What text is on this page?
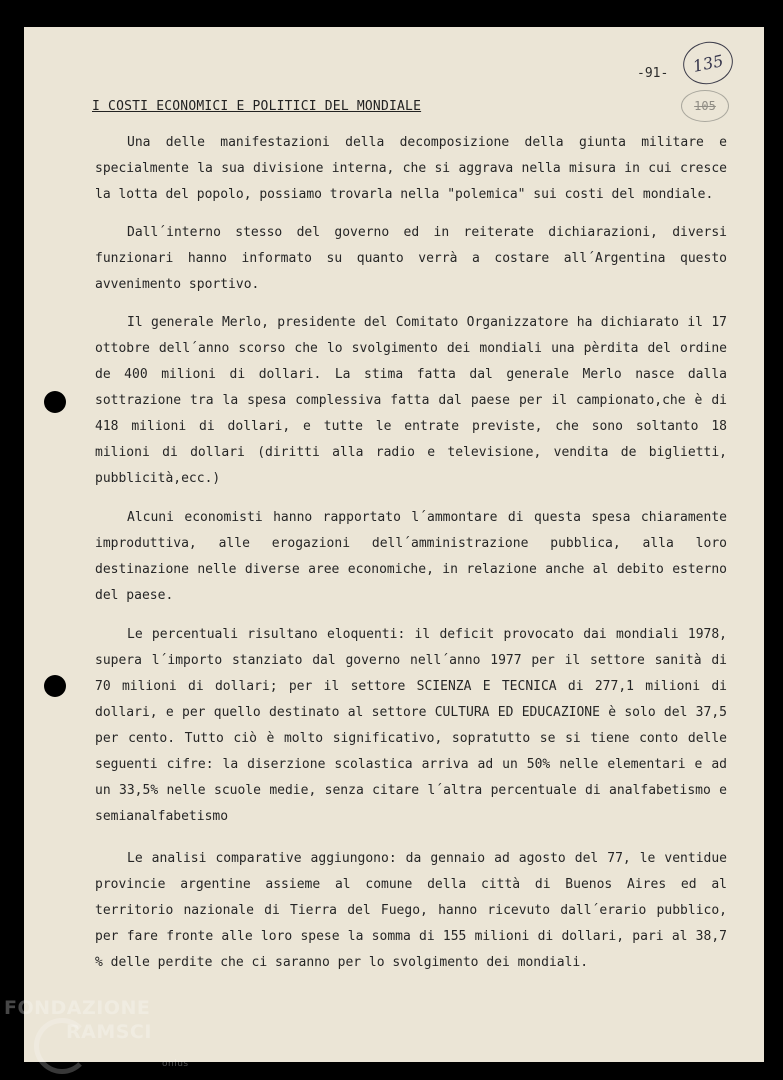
-91-	135
105
I COSTI ECONOMICI E POLITICI DEL MONDIALE

Una delle manifestazioni della decomposizione della giunta militare e specialmente la sua divisione interna, che si aggrava nella misura in cui cresce la lotta del popolo, possiamo trovarla nella "polemica" sui costi del mondiale.

Dall´interno stesso del governo ed in reiterate dichiarazioni, diversi funzionari hanno informato su quanto verrà a costare all´Argentina questo avvenimento sportivo.

Il generale Merlo, presidente del Comitato Organizzatore ha dichiarato il 17 ottobre dell´anno scorso che lo svolgimento dei mondiali una pèrdita del ordine de 400 milioni di dollari. La stima fatta dal generale Merlo nasce dalla sottrazione tra la spesa complessiva fatta dal paese per il campionato,che è di 418 milioni di dollari, e tutte le entrate previste, che sono soltanto 18 milioni di dollari (diritti alla radio e televisione, vendita de biglietti, pubblicità,ecc.)

Alcuni economisti hanno rapportato l´ammontare di questa spesa chiaramente improduttiva, alle erogazioni dell´amministrazione pubblica, alla loro destinazione nelle diverse aree economiche, in relazione anche al debito esterno del paese.

Le percentuali risultano eloquenti: il deficit provocato dai mondiali 1978, supera l´importo stanziato dal governo nell´anno 1977 per il settore sanità di 70 milioni di dollari; per il settore SCIENZA E TECNICA di 277,1 milioni di dollari, e per quello destinato al settore CULTURA ED EDUCAZIONE è solo del 37,5 per cento. Tutto ciò è molto significativo, sopratutto se si tiene conto delle seguenti cifre: la diserzione scolastica arriva ad un 50% nelle elementari e ad un 33,5% nelle scuole medie, senza citare l´altra percentuale di analfabetismo e semianalfabetismo

Le analisi comparative aggiungono: da gennaio ad agosto del 77, le ventidue provincie argentine assieme al comune della città di Buenos Aires ed al territorio nazionale di Tierra del Fuego, hanno ricevuto dall´erario pubblico, per fare fronte alle loro spese la somma di 155 milioni di dollari, pari al 38,7 % delle perdite che ci saranno per lo svolgimento dei mondiali.

FONDAZIONE
RAMSCI
onlus
